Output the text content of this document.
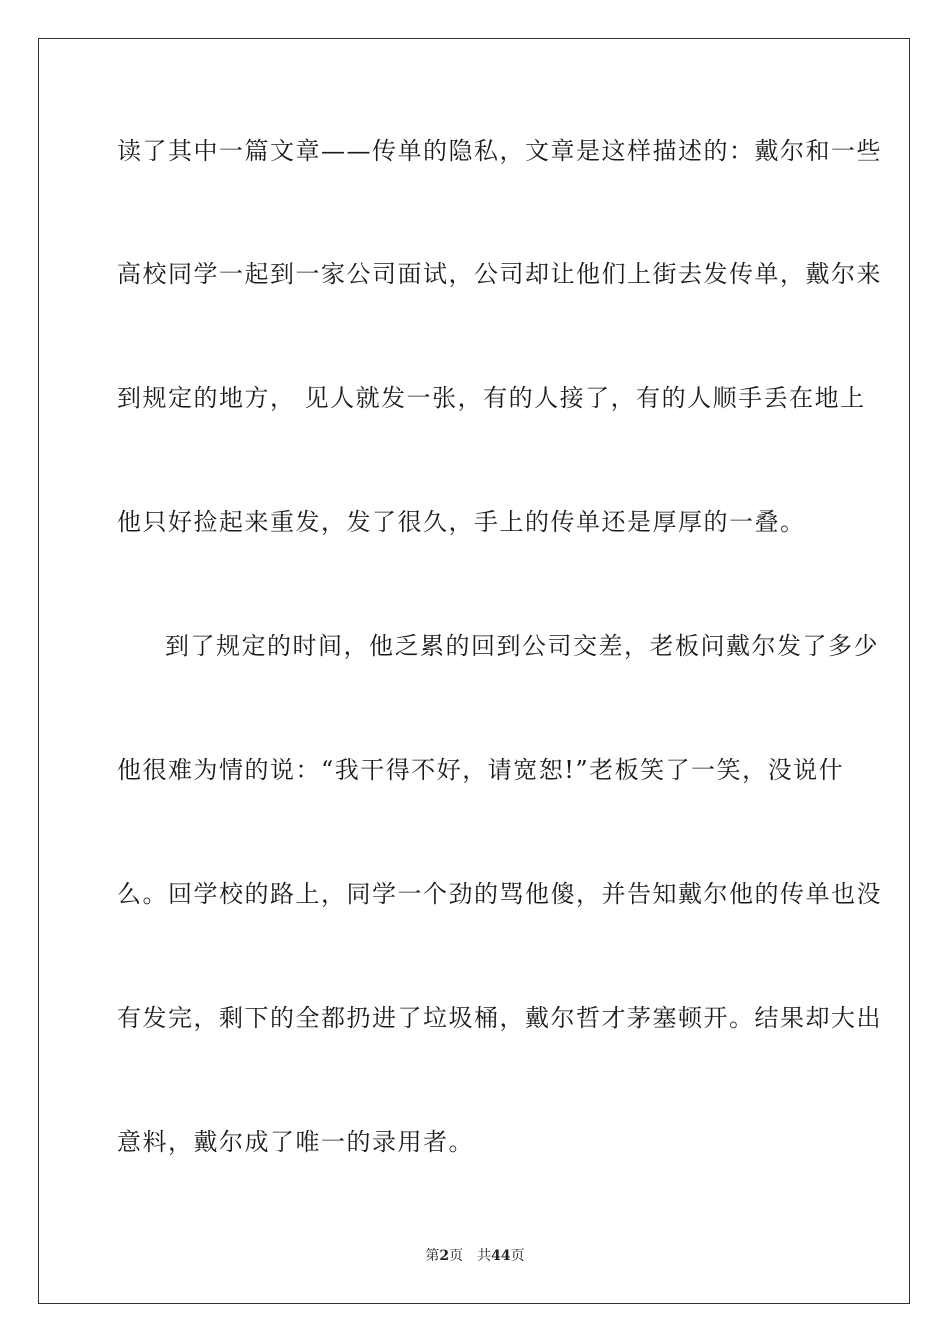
读了其中一篇文章——传单的隐私，文章是这样描述的：戴尔和一些
高校同学一起到一家公司面试，公司却让他们上街去发传单，戴尔来
到规定的地方， 见人就发一张，有的人接了，有的人顺手丢在地上
他只好捡起来重发，发了很久，手上的传单还是厚厚的一叠。
到了规定的时间，他乏累的回到公司交差，老板问戴尔发了多少
他很难为情的说：“我干得不好，请宽恕!”老板笑了一笑，没说什
么。回学校的路上，同学一个劲的骂他傻，并告知戴尔他的传单也没
有发完，剩下的全都扔进了垃圾桶，戴尔哲才茅塞顿开。结果却大出
意料，戴尔成了唯一的录用者。
第2页 共44页
